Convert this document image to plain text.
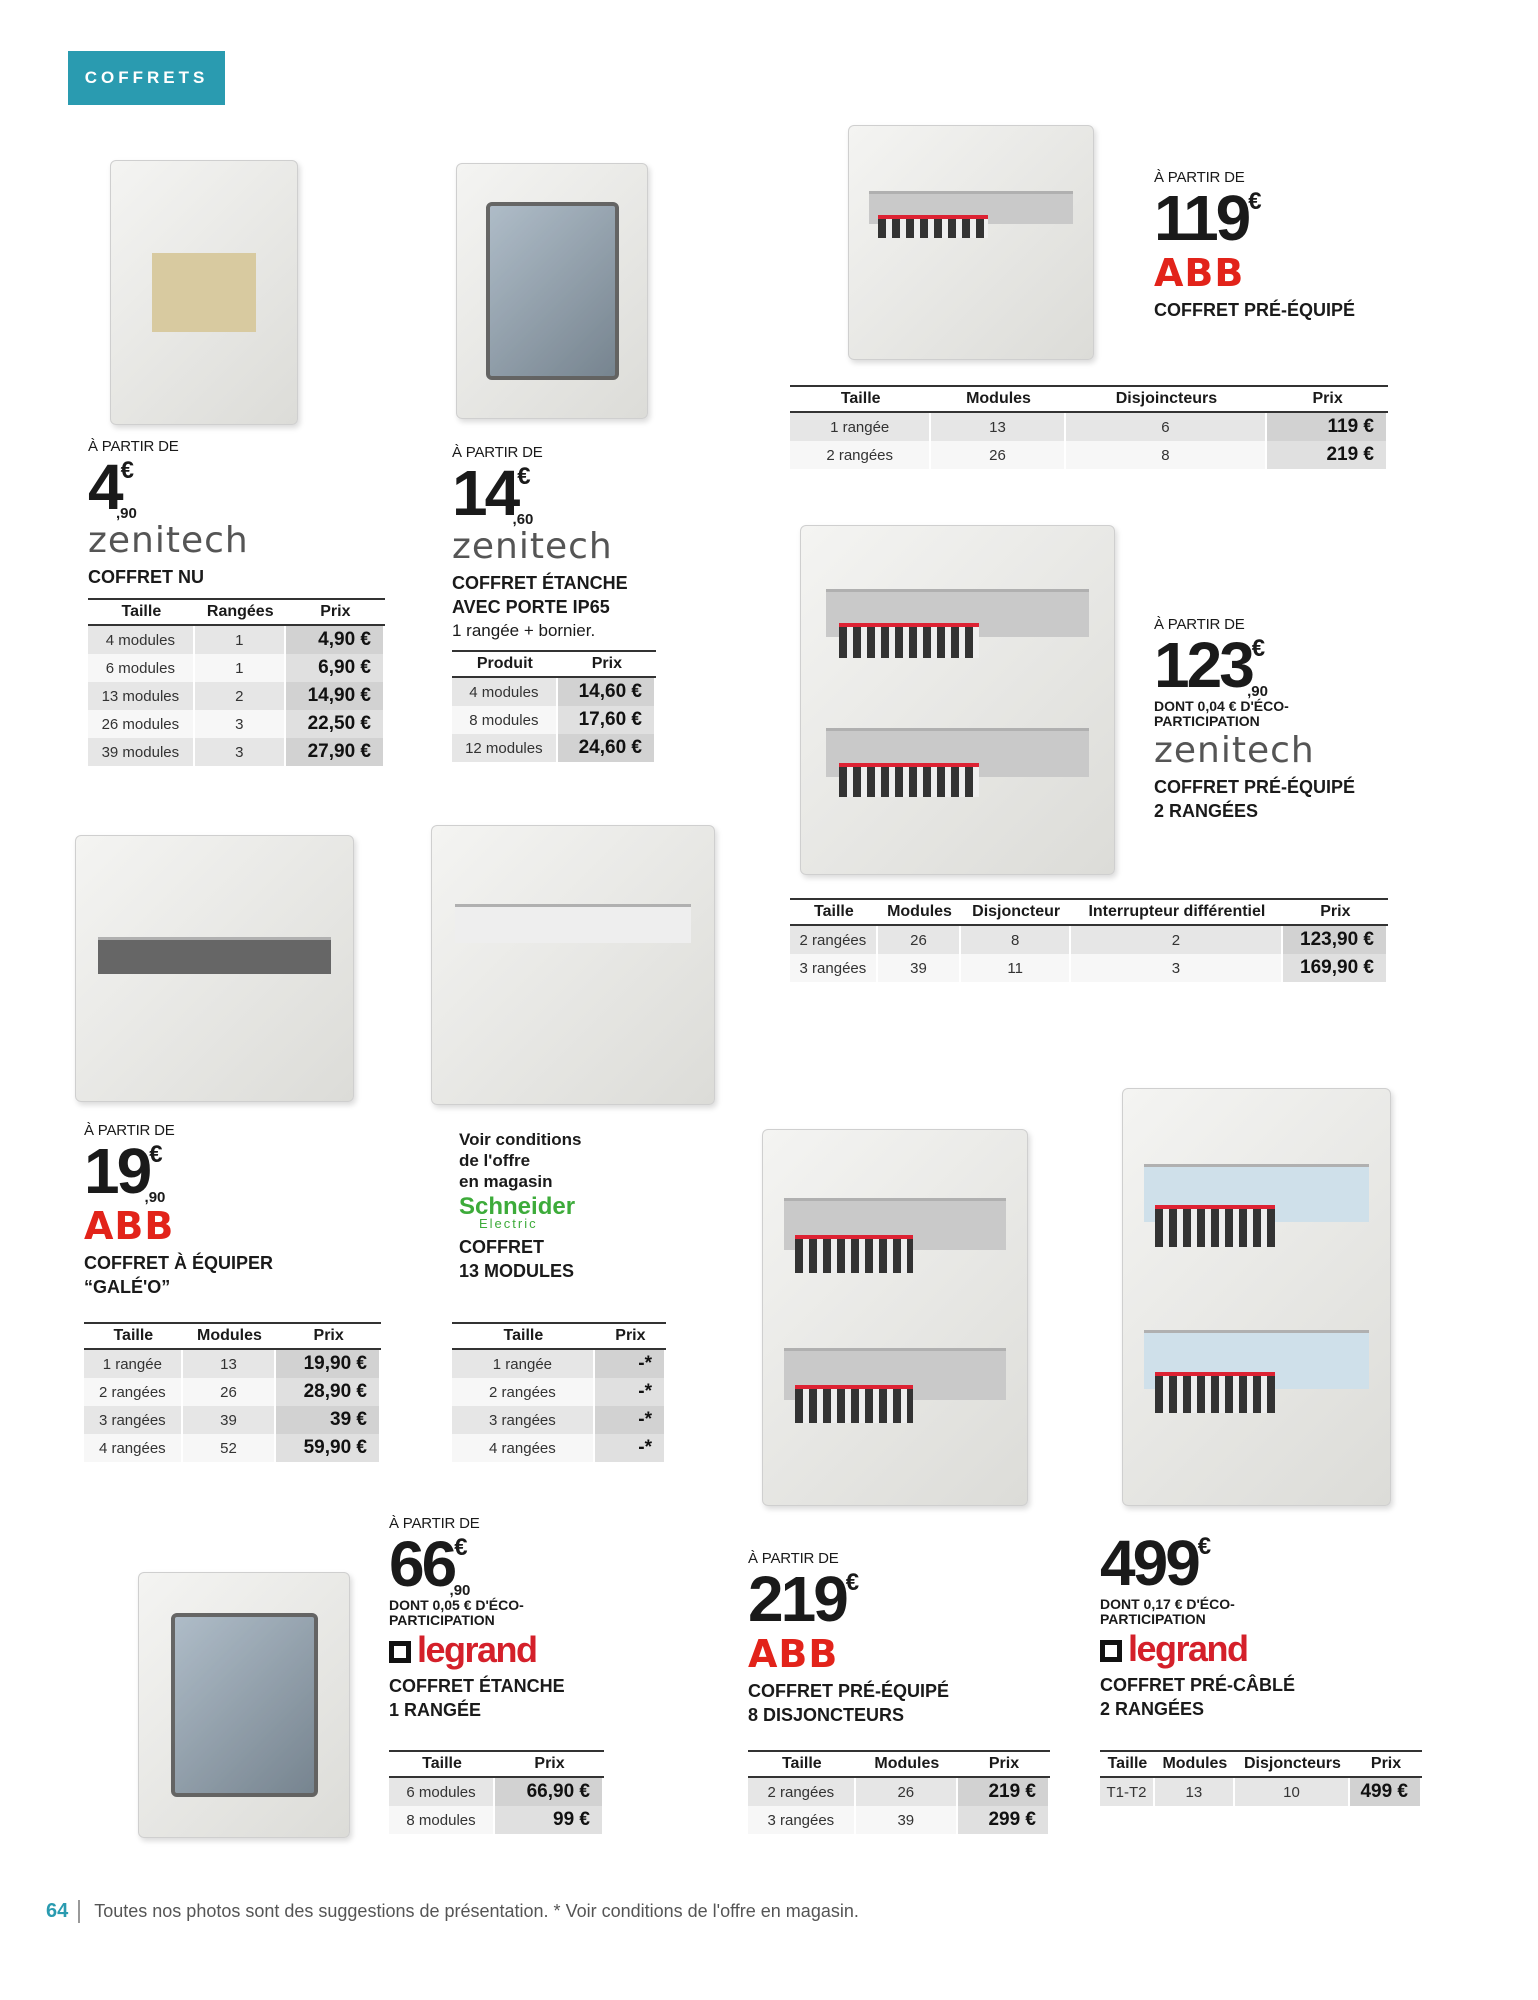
COFFRETS
À PARTIR DE
4 €
,90
zenitech
COFFRET NU
Taille	Rangées	Prix
4 modules	1	4,90 €
6 modules	1	6,90 €
13 modules	2	14,90 €
26 modules	3	22,50 €
39 modules	3	27,90 €
À PARTIR DE
14 €
,60
zenitech
COFFRET ÉTANCHE
AVEC PORTE IP65
1 rangée + bornier.
Produit	Prix
4 modules	14,60 €
8 modules	17,60 €
12 modules	24,60 €
À PARTIR DE
119 €
ABB
COFFRET PRÉ-ÉQUIPÉ
Taille	Modules	Disjoincteurs	Prix
1 rangée	13	6	119 €
2 rangées	26	8	219 €
À PARTIR DE
123 €
,90
DONT 0,04 € D'ÉCO-
PARTICIPATION
zenitech
COFFRET PRÉ-ÉQUIPÉ
2 RANGÉES
Taille	Modules	Disjoncteur	Interrupteur différentiel	Prix
2 rangées	26	8	2	123,90 €
3 rangées	39	11	3	169,90 €
À PARTIR DE
19 €
,90
ABB
COFFRET À ÉQUIPER
“GALÉ'O”
Taille	Modules	Prix
1 rangée	13	19,90 €
2 rangées	26	28,90 €
3 rangées	39	39 €
4 rangées	52	59,90 €
Voir conditions
de l'offre
en magasin
Schneider
Electric
COFFRET
13 MODULES
Taille	Prix
1 rangée	-*
2 rangées	-*
3 rangées	-*
4 rangées	-*
À PARTIR DE
219 €
ABB
COFFRET PRÉ-ÉQUIPÉ
8 DISJONCTEURS
Taille	Modules	Prix
2 rangées	26	219 €
3 rangées	39	299 €
499 €
DONT 0,17 € D'ÉCO-
PARTICIPATION
legrand
COFFRET PRÉ-CÂBLÉ
2 RANGÉES
Taille	Modules	Disjoncteurs	Prix
T1-T2	13	10	499 €
À PARTIR DE
66 €
,90
DONT 0,05 € D'ÉCO-
PARTICIPATION
legrand
COFFRET ÉTANCHE
1 RANGÉE
Taille	Prix
6 modules	66,90 €
8 modules	99 €
64	Toutes nos photos sont des suggestions de présentation. * Voir conditions de l'offre en magasin.
